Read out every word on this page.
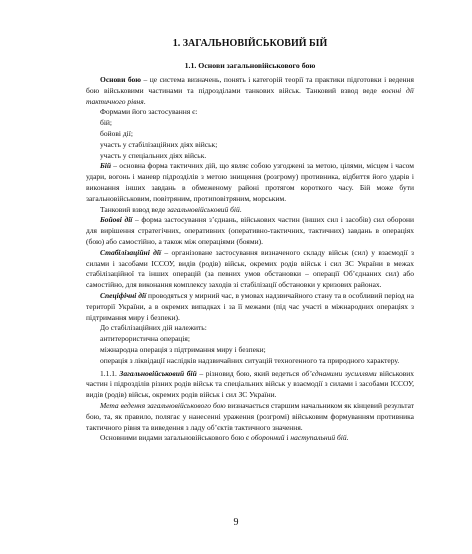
1. ЗАГАЛЬНОВІЙСЬКОВИЙ БІЙ
1.1. Основи загальновійськового бою

Основи бою – це система визначень, понять і категорій теорії та практики підготовки і ведення бою військовими частинами та підрозділами танкових військ. Танковий взвод веде воєнні дії тактичного рівня.

Формами його застосування є:

бій;

бойові дії;

участь у стабілізаційних діях військ;

участь у спеціальних діях військ.

Бій – основна форма тактичних дій, що являє собою узгоджені за метою, цілями, місцем і часом удари, вогонь і маневр підрозділів з метою знищення (розгрому) противника, відбиття його ударів і виконання інших завдань в обмеженому районі протягом короткого часу. Бій може бути загальновійськовим, повітряним, протиповітряним, морським.

Танковий взвод веде загальновійськовий бій.

Бойові дії – форма застосування з’єднань, військових частин (інших сил і засобів) сил оборони для вирішення стратегічних, оперативних (оперативно-тактичних, тактичних) завдань в операціях (бою) або самостійно, а також між операціями (боями).

Стабілізаційні дії – організоване застосування визначеного складу військ (сил) у взаємодії з силами і засобами ІССОУ, видів (родів) військ, окремих родів військ і сил ЗС України в межах стабілізаційної та інших операцій (за певних умов обстановки – операції Об’єднаних сил) або самостійно, для виконання комплексу заходів зі стабілізації обстановки у кризових районах.

Спеціфічні дії проводяться у мирний час, в умовах надзвичайного стану та в особливий період на території України, а в окремих випадках і за її межами (під час участі в міжнародних операціях з підтримання миру і безпеки).

До стабілізаційних дій належить:

антитерористична операція;

міжнародна операція з підтримання миру і безпеки;

операція з ліквідації наслідків надзвичайних ситуацій техногенного та природного характеру.

1.1.1. Загальновійськовий бій – різновид бою, який ведеться об’єднаними зусиллями військових частин і підрозділів різних родів військ та спеціальних військ у взаємодії з силами і засобами ІССОУ, видів (родів) військ, окремих родів військ і сил ЗС України.

Мета ведення загальновійськового бою визначається старшим начальником як кінцевий результат бою, та, як правило, полягає у нанесенні ураження (розгромі) військовим формуванням противника тактичного рівня та виведення з ладу об’єктів тактичного значення.

Основними видами загальновійськового бою є оборонний і наступальний бій.

9
